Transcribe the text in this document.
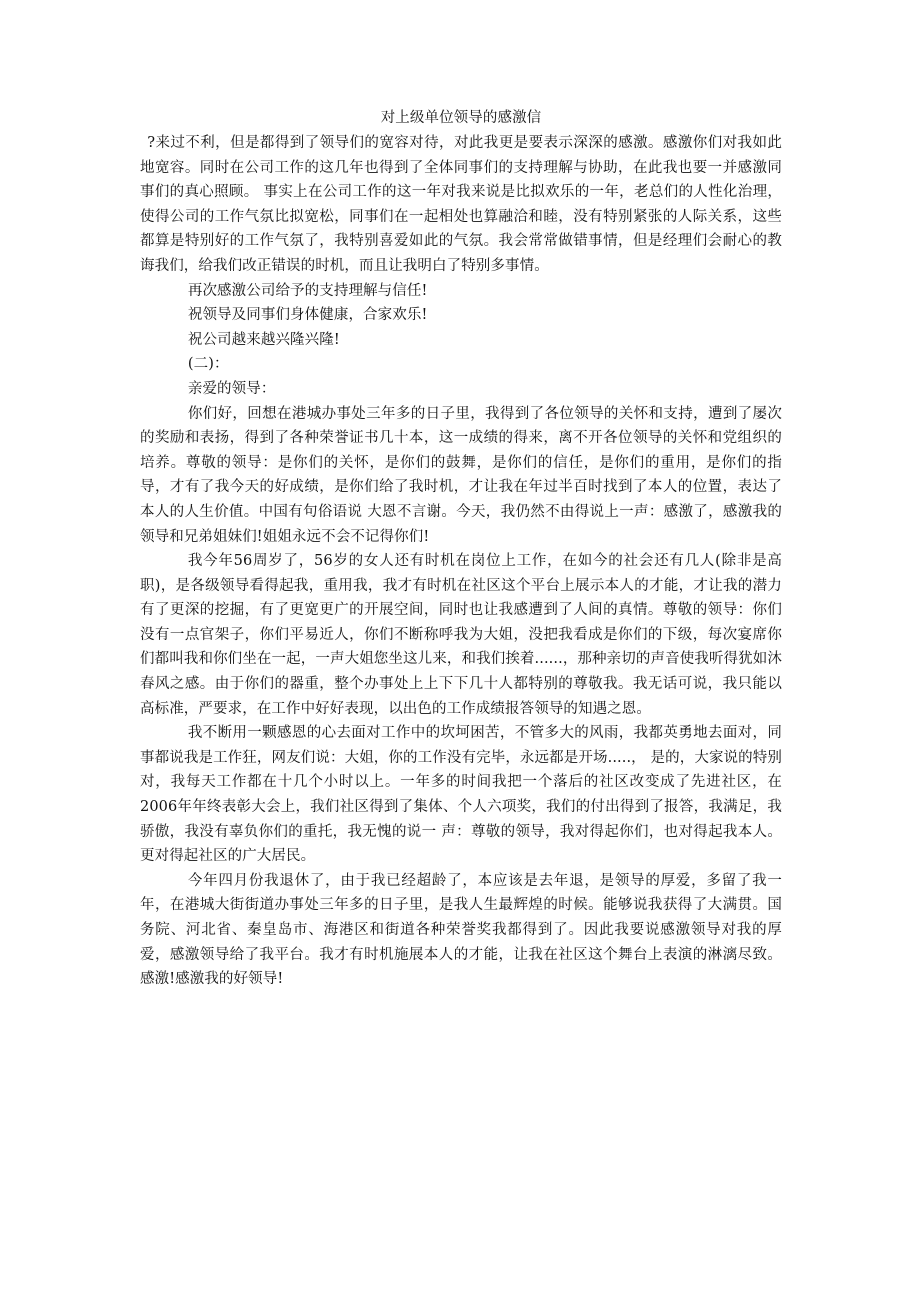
对上级单位领导的感激信

?来过不利，但是都得到了领导们的宽容对待，对此我更是要表示深深的感激。感激你们对我如此地宽容。同时在公司工作的这几年也得到了全体同事们的支持理解与协助，在此我也要一并感激同事们的真心照顾。 事实上在公司工作的这一年对我来说是比拟欢乐的一年，老总们的人性化治理，使得公司的工作气氛比拟宽松，同事们在一起相处也算融洽和睦，没有特别紧张的人际关系，这些都算是特别好的工作气氛了，我特别喜爱如此的气氛。我会常常做错事情，但是经理们会耐心的教诲我们，给我们改正错误的时机，而且让我明白了特别多事情。

再次感激公司给予的支持理解与信任!

祝领导及同事们身体健康，合家欢乐!

祝公司越来越兴隆兴隆!

(二)：

亲爱的领导：

你们好，回想在港城办事处三年多的日子里，我得到了各位领导的关怀和支持，遭到了屡次的奖励和表扬，得到了各种荣誉证书几十本，这一成绩的得来，离不开各位领导的关怀和党组织的培养。尊敬的领导：是你们的关怀，是你们的鼓舞，是你们的信任，是你们的重用，是你们的指导，才有了我今天的好成绩，是你们给了我时机，才让我在年过半百时找到了本人的位置，表达了本人的人生价值。中国有句俗语说 大恩不言谢。今天，我仍然不由得说上一声：感激了，感激我的领导和兄弟姐妹们!姐姐永远不会不记得你们!

我今年56周岁了，56岁的女人还有时机在岗位上工作，在如今的社会还有几人(除非是高职)，是各级领导看得起我，重用我，我才有时机在社区这个平台上展示本人的才能，才让我的潜力有了更深的挖掘，有了更宽更广的开展空间，同时也让我感遭到了人间的真情。尊敬的领导：你们没有一点官架子，你们平易近人，你们不断称呼我为大姐，没把我看成是你们的下级，每次宴席你们都叫我和你们坐在一起，一声大姐您坐这儿来，和我们挨着......，那种亲切的声音使我听得犹如沐春风之感。由于你们的器重，整个办事处上上下下几十人都特别的尊敬我。我无话可说，我只能以高标准，严要求，在工作中好好表现，以出色的工作成绩报答领导的知遇之恩。

我不断用一颗感恩的心去面对工作中的坎坷困苦，不管多大的风雨，我都英勇地去面对，同事都说我是工作狂，网友们说：大姐，你的工作没有完毕，永远都是开场.....， 是的，大家说的特别对，我每天工作都在十几个小时以上。一年多的时间我把一个落后的社区改变成了先进社区，在2006年年终表彰大会上，我们社区得到了集体、个人六项奖，我们的付出得到了报答，我满足，我骄傲，我没有辜负你们的重托，我无愧的说一 声：尊敬的领导，我对得起你们，也对得起我本人。更对得起社区的广大居民。

今年四月份我退休了，由于我已经超龄了，本应该是去年退，是领导的厚爱，多留了我一年，在港城大街街道办事处三年多的日子里，是我人生最辉煌的时候。能够说我获得了大满贯。国务院、河北省、秦皇岛市、海港区和街道各种荣誉奖我都得到了。因此我要说感激领导对我的厚爱，感激领导给了我平台。我才有时机施展本人的才能，让我在社区这个舞台上表演的淋漓尽致。感激!感激我的好领导!
